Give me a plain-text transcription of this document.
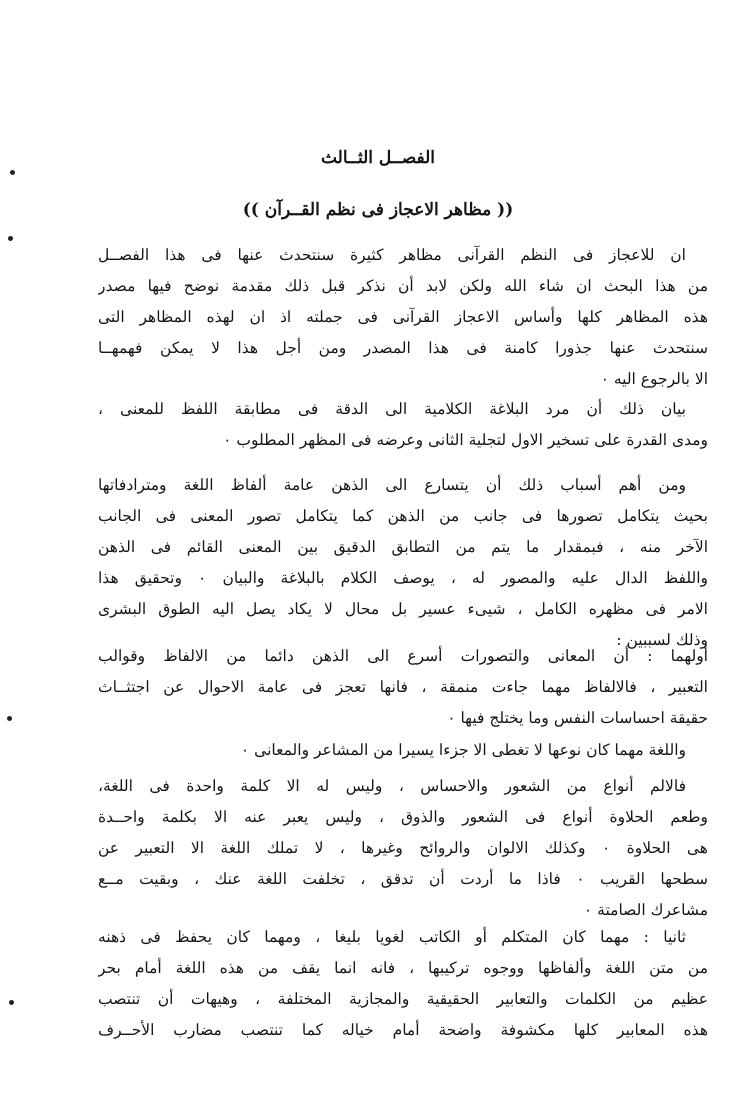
الفصــل الثــالث
(( مظاهر الاعجاز فى نظم القــرآن ))
ان للاعجاز فى النظم القرآنى مظاهر كثيرة سنتحدث عنها فى هذا الفصــل
من هذا البحث ان شاء الله ولكن لابد أن نذكر قبل ذلك مقدمة نوضح فيها مصدر
هذه المظاهر كلها وأساس الاعجاز القرآنى فى جملته اذ ان لهذه المظاهر التى
سنتحدث عنها جذورا كامنة فى هذا المصدر ومن أجل هذا لا يمكن فهمهــا
الا بالرجوع اليه ٠
بيان ذلك أن مرد البلاغة الكلامية الى الدقة فى مطابقة اللفظ للمعنى ،
ومدى القدرة على تسخير الاول لتجلية الثانى وعرضه فى المظهر المطلوب ٠
ومن أهم أسباب ذلك أن يتسارع الى الذهن عامة ألفاظ اللغة ومترادفاتها
بحيث يتكامل تصورها فى جانب من الذهن كما يتكامل تصور المعنى فى الجانب
الآخر منه ، فبمقدار ما يتم من التطابق الدقيق بين المعنى القائم فى الذهن
واللفظ الدال عليه والمصور له ، يوصف الكلام بالبلاغة والبيان ٠ وتحقيق هذا
الامر فى مظهره الكامل ، شيىء عسير بل محال لا يكاد يصل اليه الطوق البشرى
وذلك لسببين :
أولهما : أن المعانى والتصورات أسرع الى الذهن دائما من الالفاظ وقوالب
التعبير ، فالالفاظ مهما جاءت منمقة ، فانها تعجز فى عامة الاحوال عن اجتثــاث
حقيقة احساسات النفس وما يختلج فيها ٠
واللغة مهما كان نوعها لا تغطى الا جزءا يسيرا من المشاعر والمعانى ٠
فالالم أنواع من الشعور والاحساس ، وليس له الا كلمة واحدة فى اللغة،
وطعم الحلاوة أنواع فى الشعور والذوق ، وليس يعبر عنه الا بكلمة واحــدة
هى الحلاوة ٠ وكذلك الالوان والروائح وغيرها ، لا تملك اللغة الا التعبير عن
سطحها القريب ٠ فاذا ما أردت أن تدقق ، تخلفت اللغة عنك ، وبقيت مــع
مشاعرك الصامتة ٠
ثانيا : مهما كان المتكلم أو الكاتب لغويا بليغا ، ومهما كان يحفظ فى ذهنه
من متن اللغة وألفاظها ووجوه تركيبها ، فانه انما يقف من هذه اللغة أمام بحر
عظيم من الكلمات والتعابير الحقيقية والمجازية المختلفة ، وهيهات أن تنتصب
هذه المعابير كلها مكشوفة واضحة أمام خياله كما تنتصب مضارب الأحــرف
